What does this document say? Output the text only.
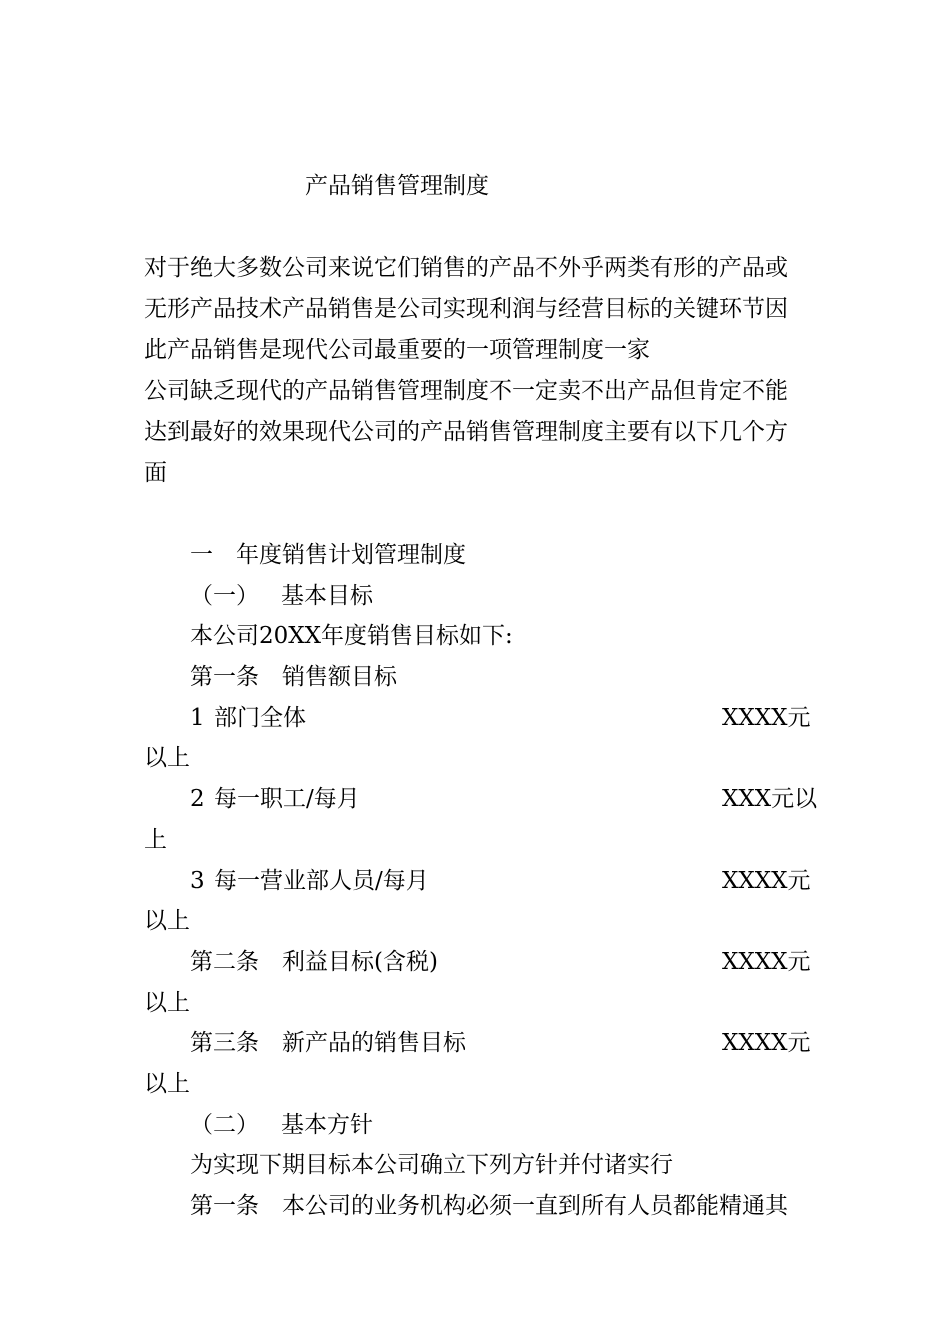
产品销售管理制度
对于绝大多数公司来说它们销售的产品不外乎两类有形的产品或
无形产品技术产品销售是公司实现利润与经营目标的关键环节因
此产品销售是现代公司最重要的一项管理制度一家
公司缺乏现代的产品销售管理制度不一定卖不出产品但肯定不能
达到最好的效果现代公司的产品销售管理制度主要有以下几个方
面
一 年度销售计划管理制度
（一） 基本目标
本公司20XX年度销售目标如下:
第一条 销售额目标
1 部门全体	XXXX元
以上
2 每一职工/每月	XXX元以
上
3 每一营业部人员/每月	XXXX元
以上
第二条 利益目标(含税)	XXXX元
以上
第三条 新产品的销售目标	XXXX元
以上
（二） 基本方针
为实现下期目标本公司确立下列方针并付诸实行
第一条 本公司的业务机构必须一直到所有人员都能精通其
